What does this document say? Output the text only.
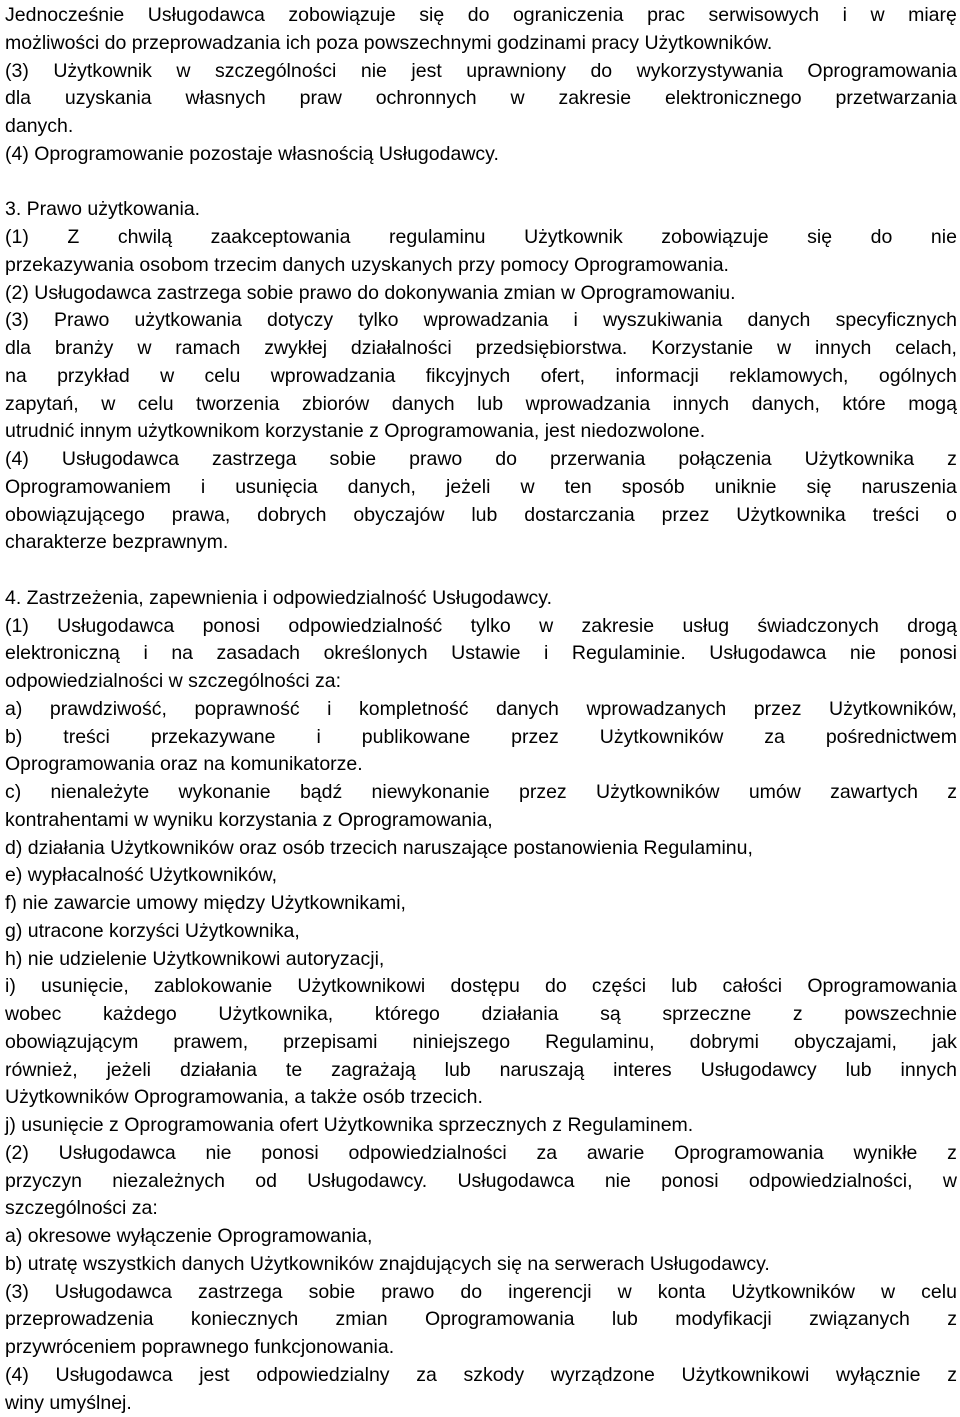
Jednocześnie Usługodawca zobowiązuje się do ograniczenia prac serwisowych i w miarę
możliwości do przeprowadzania ich poza powszechnymi godzinami pracy Użytkowników.
(3) Użytkownik w szczególności nie jest uprawniony do wykorzystywania Oprogramowania
dla uzyskania własnych praw ochronnych w zakresie elektronicznego przetwarzania
danych.
(4) Oprogramowanie pozostaje własnością Usługodawcy.
3. Prawo użytkowania.
(1) Z chwilą zaakceptowania regulaminu Użytkownik zobowiązuje się do nie
przekazywania osobom trzecim danych uzyskanych przy pomocy Oprogramowania.
(2) Usługodawca zastrzega sobie prawo do dokonywania zmian w Oprogramowaniu.
(3) Prawo użytkowania dotyczy tylko wprowadzania i wyszukiwania danych specyficznych
dla branży w ramach zwykłej działalności przedsiębiorstwa. Korzystanie w innych celach,
na przykład w celu wprowadzania fikcyjnych ofert, informacji reklamowych, ogólnych
zapytań, w celu tworzenia zbiorów danych lub wprowadzania innych danych, które mogą
utrudnić innym użytkownikom korzystanie z Oprogramowania, jest niedozwolone.
(4) Usługodawca zastrzega sobie prawo do przerwania połączenia Użytkownika z
Oprogramowaniem i usunięcia danych, jeżeli w ten sposób uniknie się naruszenia
obowiązującego prawa, dobrych obyczajów lub dostarczania przez Użytkownika treści o
charakterze bezprawnym.
4. Zastrzeżenia, zapewnienia i odpowiedzialność Usługodawcy.
(1) Usługodawca ponosi odpowiedzialność tylko w zakresie usług świadczonych drogą
elektroniczną i na zasadach określonych Ustawie i Regulaminie. Usługodawca nie ponosi
odpowiedzialności w szczególności za:
a) prawdziwość, poprawność i kompletność danych wprowadzanych przez Użytkowników,
b) treści przekazywane i publikowane przez Użytkowników za pośrednictwem
Oprogramowania oraz na komunikatorze.
c) nienależyte wykonanie bądź niewykonanie przez Użytkowników umów zawartych z
kontrahentami w wyniku korzystania z Oprogramowania,
d) działania Użytkowników oraz osób trzecich naruszające postanowienia Regulaminu,
e) wypłacalność Użytkowników,
f) nie zawarcie umowy między Użytkownikami,
g) utracone korzyści Użytkownika,
h) nie udzielenie Użytkownikowi autoryzacji,
i) usunięcie, zablokowanie Użytkownikowi dostępu do części lub całości Oprogramowania
wobec każdego Użytkownika, którego działania są sprzeczne z powszechnie
obowiązującym prawem, przepisami niniejszego Regulaminu, dobrymi obyczajami, jak
również, jeżeli działania te zagrażają lub naruszają interes Usługodawcy lub innych
Użytkowników Oprogramowania, a także osób trzecich.
j) usunięcie z Oprogramowania ofert Użytkownika sprzecznych z Regulaminem.
(2) Usługodawca nie ponosi odpowiedzialności za awarie Oprogramowania wynikłe z
przyczyn niezależnych od Usługodawcy. Usługodawca nie ponosi odpowiedzialności, w
szczególności za:
a) okresowe wyłączenie Oprogramowania,
b) utratę wszystkich danych Użytkowników znajdujących się na serwerach Usługodawcy.
(3) Usługodawca zastrzega sobie prawo do ingerencji w konta Użytkowników w celu
przeprowadzenia koniecznych zmian Oprogramowania lub modyfikacji związanych z
przywróceniem poprawnego funkcjonowania.
(4) Usługodawca jest odpowiedzialny za szkody wyrządzone Użytkownikowi wyłącznie z
winy umyślnej.
